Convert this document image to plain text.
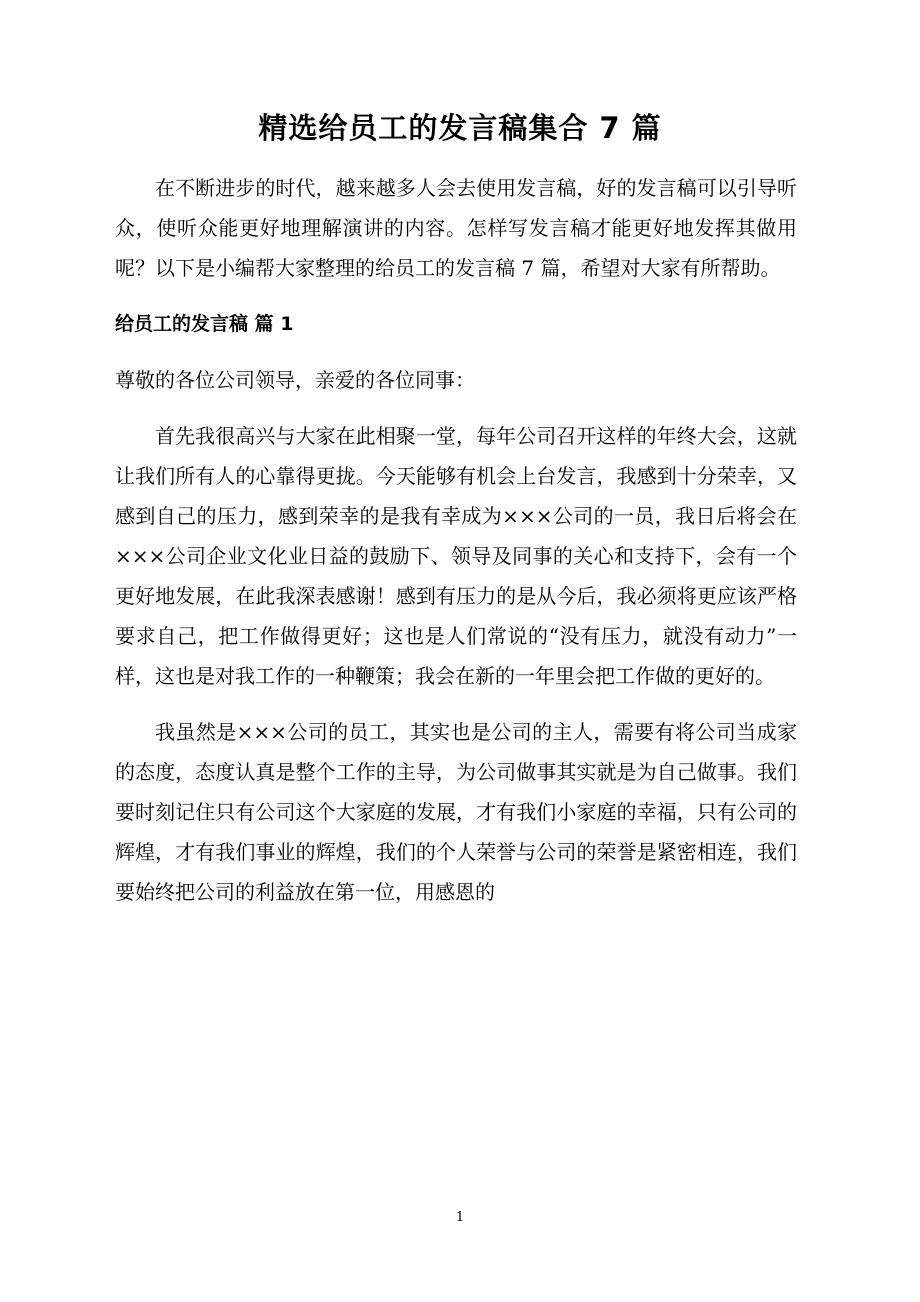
精选给员工的发言稿集合 7 篇

在不断进步的时代，越来越多人会去使用发言稿，好的发言稿可以引导听众，使听众能更好地理解演讲的内容。怎样写发言稿才能更好地发挥其做用呢？以下是小编帮大家整理的给员工的发言稿 7 篇，希望对大家有所帮助。

给员工的发言稿 篇 1

尊敬的各位公司领导，亲爱的各位同事：

首先我很高兴与大家在此相聚一堂，每年公司召开这样的年终大会，这就让我们所有人的心靠得更拢。今天能够有机会上台发言，我感到十分荣幸，又感到自己的压力，感到荣幸的是我有幸成为×××公司的一员，我日后将会在×××公司企业文化业日益的鼓励下、领导及同事的关心和支持下，会有一个更好地发展，在此我深表感谢！感到有压力的是从今后，我必须将更应该严格要求自己，把工作做得更好；这也是人们常说的“没有压力，就没有动力”一样，这也是对我工作的一种鞭策；我会在新的一年里会把工作做的更好的。

我虽然是×××公司的员工，其实也是公司的主人，需要有将公司当成家的态度，态度认真是整个工作的主导，为公司做事其实就是为自己做事。我们要时刻记住只有公司这个大家庭的发展，才有我们小家庭的幸福，只有公司的辉煌，才有我们事业的辉煌，我们的个人荣誉与公司的荣誉是紧密相连，我们要始终把公司的利益放在第一位，用感恩的

1
